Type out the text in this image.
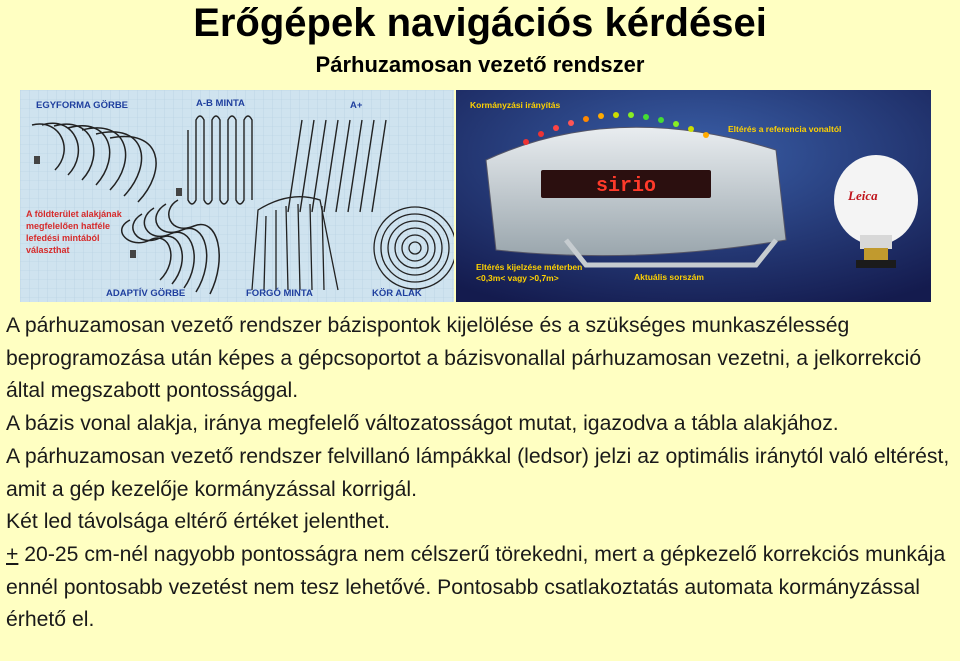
Erőgépek navigációs kérdései
Párhuzamosan vezető rendszer
EGYFORMA GÖRBE	A-B MINTA	A+
ADAPTÍV GÖRBE	FORGÓ MINTA	KÖR ALAK
A földterület alakjának
megfelelően hatféle
lefedési mintából
választhat
sirio
Kormányzási irányítás
Eltérés a referencia vonaltól
Eltérés kijelzése méterben
<0,3m< vagy >0,7m>	Aktuális sorszám
Leica
A párhuzamosan vezető rendszer bázispontok kijelölése és a szükséges munkaszélesség beprogramozása után képes a gépcsoportot a bázisvonallal párhuzamosan vezetni, a jelkorrekció által megszabott pontossággal.
A bázis vonal alakja, iránya megfelelő változatosságot mutat, igazodva a tábla alakjához.
A párhuzamosan vezető rendszer felvillanó lámpákkal (ledsor) jelzi az optimális iránytól való eltérést, amit a gép kezelője kormányzással korrigál.
Két led távolsága eltérő értéket jelenthet.
+ 20-25 cm-nél nagyobb pontosságra nem célszerű törekedni, mert a gépkezelő korrekciós munkája ennél pontosabb vezetést nem tesz lehetővé. Pontosabb csatlakoztatás automata kormányzással érhető el.
